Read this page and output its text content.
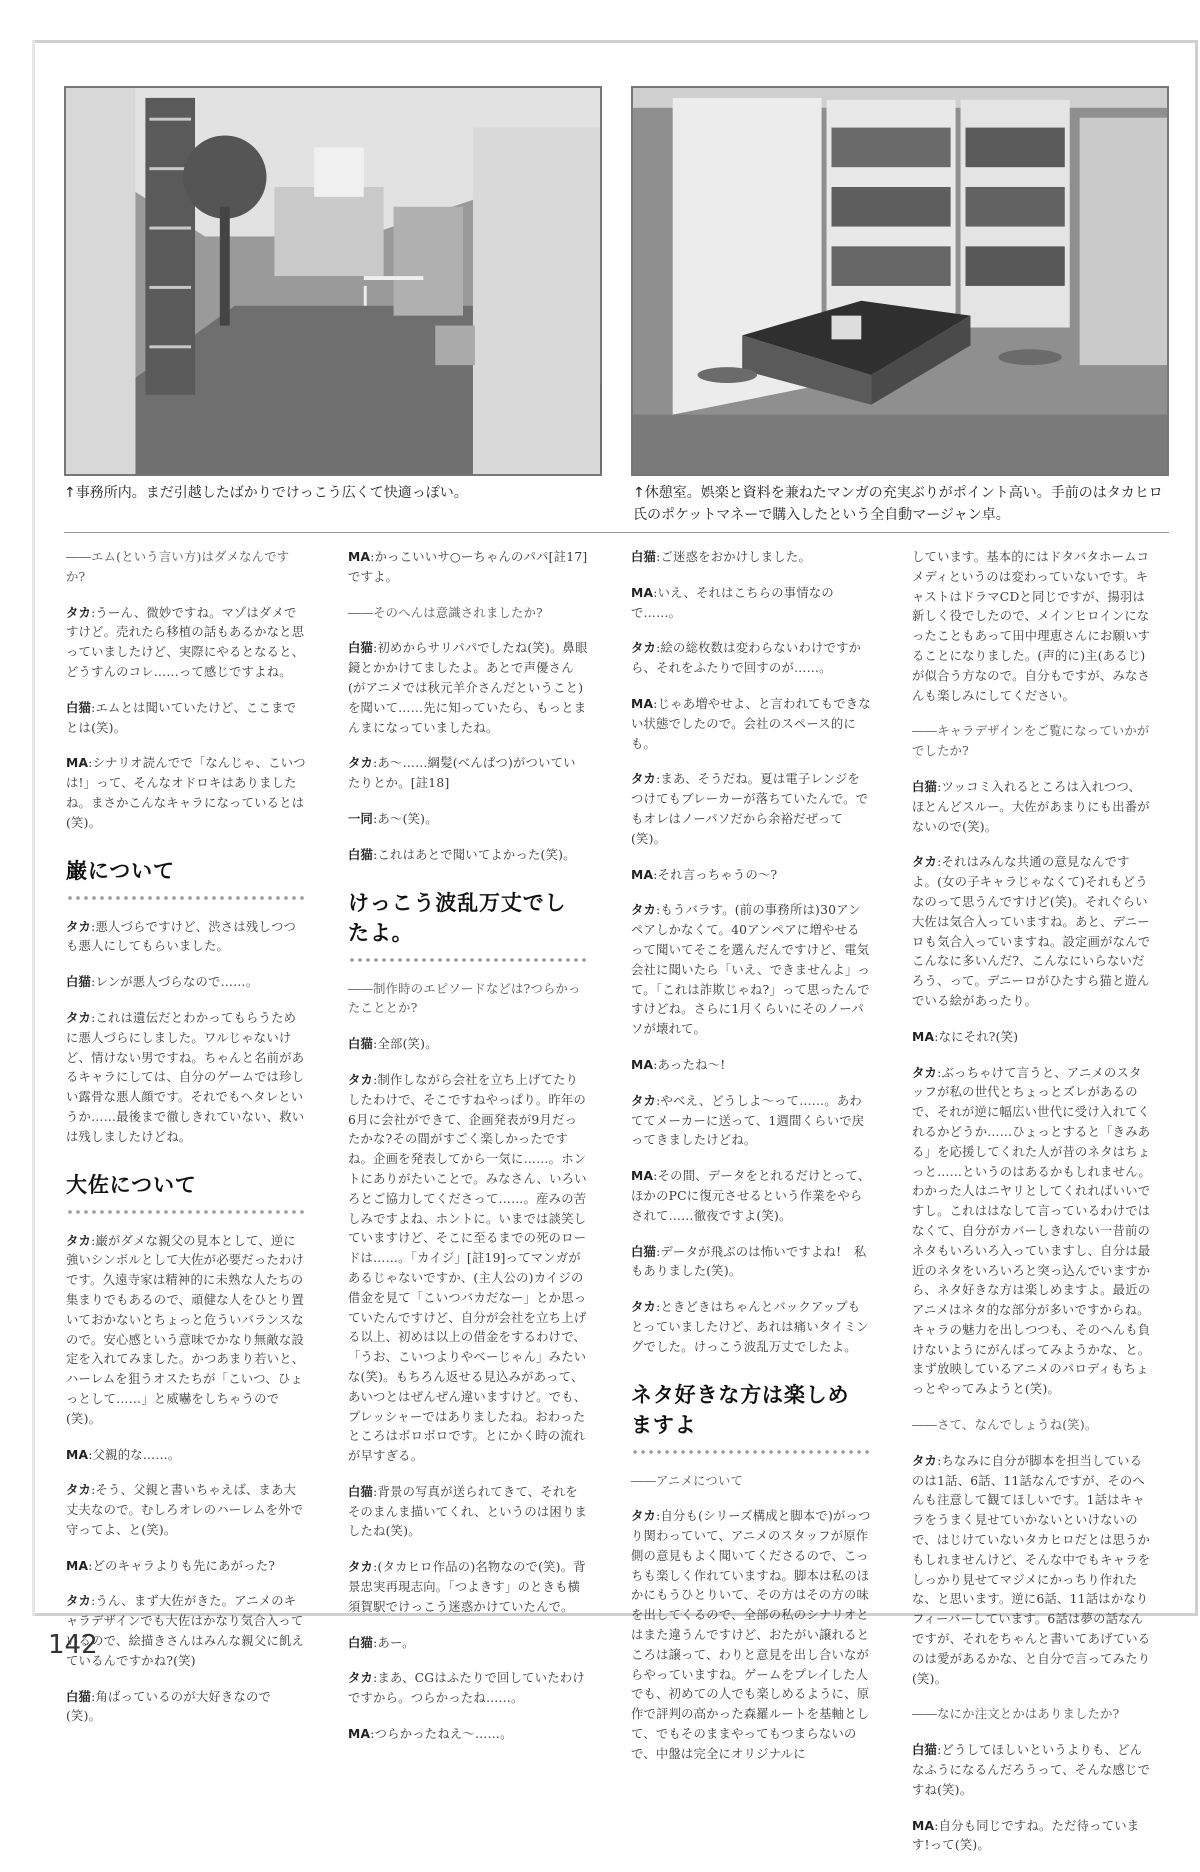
↑事務所内。まだ引越したばかりでけっこう広くて快適っぽい。	↑休憩室。娯楽と資料を兼ねたマンガの充実ぶりがポイント高い。手前のはタカヒロ氏のポケットマネーで購入したという全自動マージャン卓。
――エム(という言い方)はダメなんですか?
タカ:うーん、微妙ですね。マゾはダメですけど。売れたら移植の話もあるかなと思っていましたけど、実際にやるとなると、どうすんのコレ……って感じですよね。
白猫:エムとは聞いていたけど、ここまでとは(笑)。
MA:シナリオ読んでで「なんじゃ、こいつは!」って、そんなオドロキはありましたね。まさかこんなキャラになっているとは(笑)。
巌について
タカ:悪人づらですけど、渋さは残しつつも悪人にしてもらいました。
白猫:レンが悪人づらなので……。
タカ:これは遺伝だとわかってもらうために悪人づらにしました。ワルじゃないけど、情けない男ですね。ちゃんと名前があるキャラにしては、自分のゲームでは珍しい露骨な悪人顔です。それでもヘタレというか……最後まで徹しきれていない、救いは残しましたけどね。
大佐について
タカ:巌がダメな親父の見本として、逆に強いシンボルとして大佐が必要だったわけです。久遠寺家は精神的に未熟な人たちの集まりでもあるので、頑健な人をひとり置いておかないとちょっと危ういバランスなので。安心感という意味でかなり無敵な設定を入れてみました。かつあまり若いと、ハーレムを狙うオスたちが「こいつ、ひょっとして……」と威嚇をしちゃうので(笑)。
MA:父親的な……。
タカ:そう、父親と書いちゃえば、まあ大丈夫なので。むしろオレのハーレムを外で守ってよ、と(笑)。
MA:どのキャラよりも先にあがった?
タカ:うん、まず大佐がきた。アニメのキャラデザインでも大佐はかなり気合入っているので、絵描きさんはみんな親父に飢えているんですかね?(笑)
白猫:角ばっているのが大好きなので(笑)。
MA:かっこいいサ○ーちゃんのパパ[註17]ですよ。
――そのへんは意識されましたか?
白猫:初めからサリパパでしたね(笑)。鼻眼鏡とかかけてましたよ。あとで声優さん(がアニメでは秋元羊介さんだということ)を聞いて……先に知っていたら、もっとまんまになっていましたね。
タカ:あ～……綱髪(べんぱつ)がついていたりとか。[註18]
一同:あ～(笑)。
白猫:これはあとで聞いてよかった(笑)。
けっこう波乱万丈でしたよ。
――制作時のエピソードなどは?つらかったこととか?
白猫:全部(笑)。
タカ:制作しながら会社を立ち上げてたりしたわけで、そこですねやっぱり。昨年の6月に会社ができて、企画発表が9月だったかな?その間がすごく楽しかったですね。企画を発表してから一気に……。ホントにありがたいことで。みなさん、いろいろとご協力してくださって……。産みの苦しみですよね、ホントに。いまでは談笑していますけど、そこに至るまでの死のロードは……。「カイジ」[註19]ってマンガがあるじゃないですか、(主人公の)カイジの借金を見て「こいつバカだなー」とか思っていたんですけど、自分が会社を立ち上げる以上、初めは以上の借金をするわけで、「うお、こいつよりやべーじゃん」みたいな(笑)。もちろん返せる見込みがあって、あいつとはぜんぜん違いますけど。でも、プレッシャーではありましたね。おわったところはボロボロです。とにかく時の流れが早すぎる。
白猫:背景の写真が送られてきて、それをそのまんま描いてくれ、というのは困りましたね(笑)。
タカ:(タカヒロ作品の)名物なので(笑)。背景忠実再現志向。「つよきす」のときも横須賀駅でけっこう迷惑かけていたんで。
白猫:あー。
タカ:まあ、CGはふたりで回していたわけですから。つらかったね……。
MA:つらかったねえ～……。
白猫:ご迷惑をおかけしました。
MA:いえ、それはこちらの事情なので……。
タカ:絵の総枚数は変わらないわけですから、それをふたりで回すのが……。
MA:じゃあ増やせよ、と言われてもできない状態でしたので。会社のスペース的にも。
タカ:まあ、そうだね。夏は電子レンジをつけてもブレーカーが落ちていたんで。でもオレはノーパソだから余裕だぜって(笑)。
MA:それ言っちゃうの～?
タカ:もうバラす。(前の事務所は)30アンペアしかなくて。40アンペアに増やせるって聞いてそこを選んだんですけど、電気会社に聞いたら「いえ、できませんよ」って。「これは詐欺じゃね?」って思ったんですけどね。さらに1月くらいにそのノーパソが壊れて。
MA:あったね～!
タカ:やべえ、どうしよ～って……。あわててメーカーに送って、1週間くらいで戻ってきましたけどね。
MA:その間、データをとれるだけとって、ほかのPCに復元させるという作業をやらされて……徹夜ですよ(笑)。
白猫:データが飛ぶのは怖いですよね!　私もありました(笑)。
タカ:ときどきはちゃんとバックアップもとっていましたけど、あれは痛いタイミングでした。けっこう波乱万丈でしたよ。
ネタ好きな方は楽しめますよ
――アニメについて
タカ:自分も(シリーズ構成と脚本で)がっつり関わっていて、アニメのスタッフが原作側の意見もよく聞いてくださるので、こっちも楽しく作れていますね。脚本は私のほかにもうひとりいて、その方はその方の味を出してくるので、全部の私のシナリオとはまた違うんですけど、おたがい譲れるところは譲って、わりと意見を出し合いながらやっていますね。ゲームをプレイした人でも、初めての人でも楽しめるように、原作で評判の高かった森羅ルートを基軸として、でもそのままやってもつまらないので、中盤は完全にオリジナルに
しています。基本的にはドタバタホームコメディというのは変わっていないです。キャストはドラマCDと同じですが、揚羽は新しく役でしたので、メインヒロインになったこともあって田中理恵さんにお願いすることになりました。(声的に)主(あるじ)が似合う方なので。自分もですが、みなさんも楽しみにしてください。
――キャラデザインをご覧になっていかがでしたか?
白猫:ツッコミ入れるところは入れつつ、ほとんどスルー。大佐があまりにも出番がないので(笑)。
タカ:それはみんな共通の意見なんですよ。(女の子キャラじゃなくて)それもどうなのって思うんですけど(笑)。それぐらい大佐は気合入っていますね。あと、デニーロも気合入っていますね。設定画がなんでこんなに多いんだ?、こんなにいらないだろう、って。デニーロがひたすら猫と遊んでいる絵があったり。
MA:なにそれ?(笑)
タカ:ぶっちゃけて言うと、アニメのスタッフが私の世代とちょっとズレがあるので、それが逆に幅広い世代に受け入れてくれるかどうか……ひょっとすると「きみある」を応援してくれた人が昔のネタはちょっと……というのはあるかもしれません。わかった人はニヤリとしてくれればいいですし。これははなして言っているわけではなくて、自分がカバーしきれない一昔前のネタもいろいろ入っていますし、自分は最近のネタをいろいろと突っ込んでいますから、ネタ好きな方は楽しめますよ。最近のアニメはネタ的な部分が多いですからね。キャラの魅力を出しつつも、そのへんも負けないようにがんばってみようかな、と。まず放映しているアニメのパロディもちょっとやってみようと(笑)。
――さて、なんでしょうね(笑)。
タカ:ちなみに自分が脚本を担当しているのは1話、6話、11話なんですが、そのへんも注意して観てほしいです。1話はキャラをうまく見せていかないといけないので、はじけていないタカヒロだとは思うかもしれませんけど、そんな中でもキャラをしっかり見せてマジメにかっちり作れたな、と思います。逆に6話、11話はかなりフィーバーしています。6話は夢の話なんですが、それをちゃんと書いてあげているのは愛があるかな、と自分で言ってみたり(笑)。
――なにか注文とかはありましたか?
白猫:どうしてほしいというよりも、どんなふうになるんだろうって、そんな感じですね(笑)。
MA:自分も同じですね。ただ待っています!って(笑)。
142
